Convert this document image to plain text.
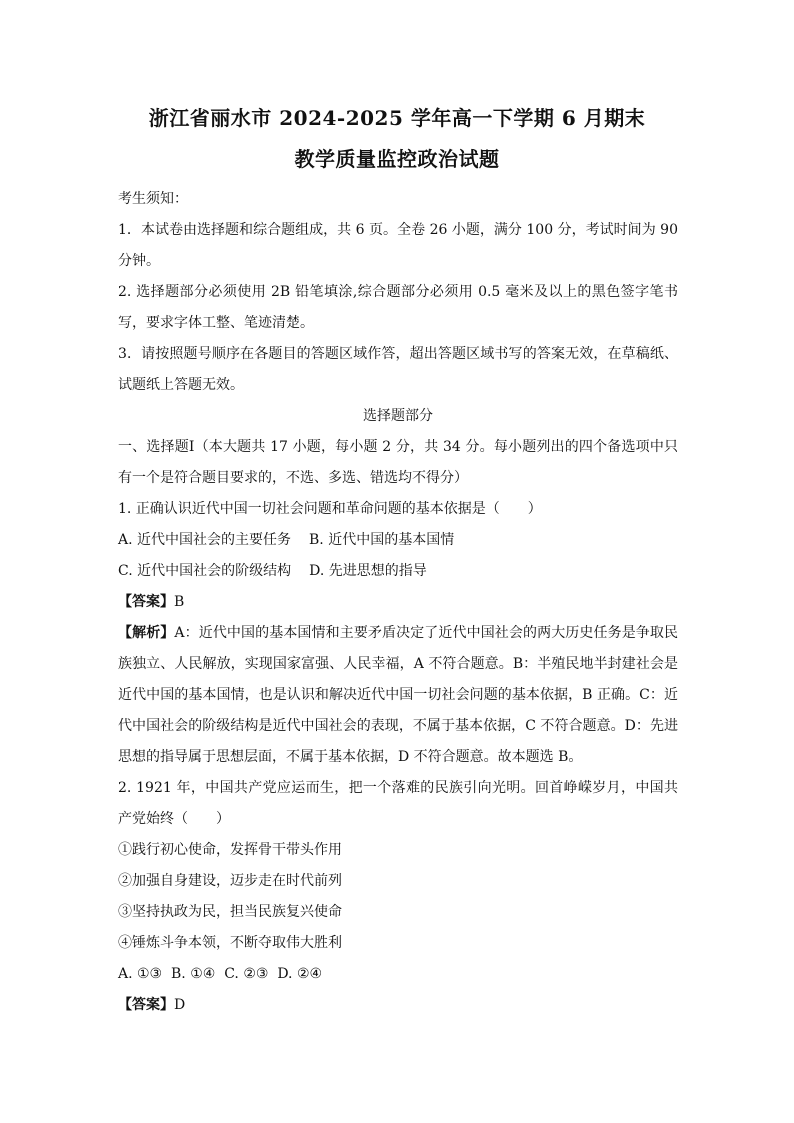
浙江省丽水市 2024-2025 学年高一下学期 6 月期末
教学质量监控政治试题

考生须知：

1．本试卷由选择题和综合题组成，共 6 页。全卷 26 小题，满分 100 分，考试时间为 90 分钟。

2. 选择题部分必须使用 2B 铅笔填涂,综合题部分必须用 0.5 毫米及以上的黑色签字笔书写，要求字体工整、笔迹清楚。

3．请按照题号顺序在各题目的答题区域作答，超出答题区域书写的答案无效，在草稿纸、试题纸上答题无效。

选择题部分

一、选择题Ⅰ（本大题共 17 小题，每小题 2 分，共 34 分。每小题列出的四个备选项中只有一个是符合题目要求的，不选、多选、错选均不得分）

1. 正确认识近代中国一切社会问题和革命问题的基本依据是（　　）

A. 近代中国社会的主要任务 B. 近代中国的基本国情

C. 近代中国社会的阶级结构 D. 先进思想的指导

【答案】B

【解析】A：近代中国的基本国情和主要矛盾决定了近代中国社会的两大历史任务是争取民族独立、人民解放，实现国家富强、人民幸福，A 不符合题意。B：半殖民地半封建社会是近代中国的基本国情，也是认识和解决近代中国一切社会问题的基本依据，B 正确。C：近代中国社会的阶级结构是近代中国社会的表现，不属于基本依据，C 不符合题意。D：先进思想的指导属于思想层面，不属于基本依据，D 不符合题意。故本题选 B。

2. 1921 年，中国共产党应运而生，把一个落难的民族引向光明。回首峥嵘岁月，中国共产党始终（　　）

①践行初心使命，发挥骨干带头作用

②加强自身建设，迈步走在时代前列

③坚持执政为民，担当民族复兴使命

④锤炼斗争本领，不断夺取伟大胜利

A. ①③  B. ①④  C. ②③  D. ②④

【答案】D
